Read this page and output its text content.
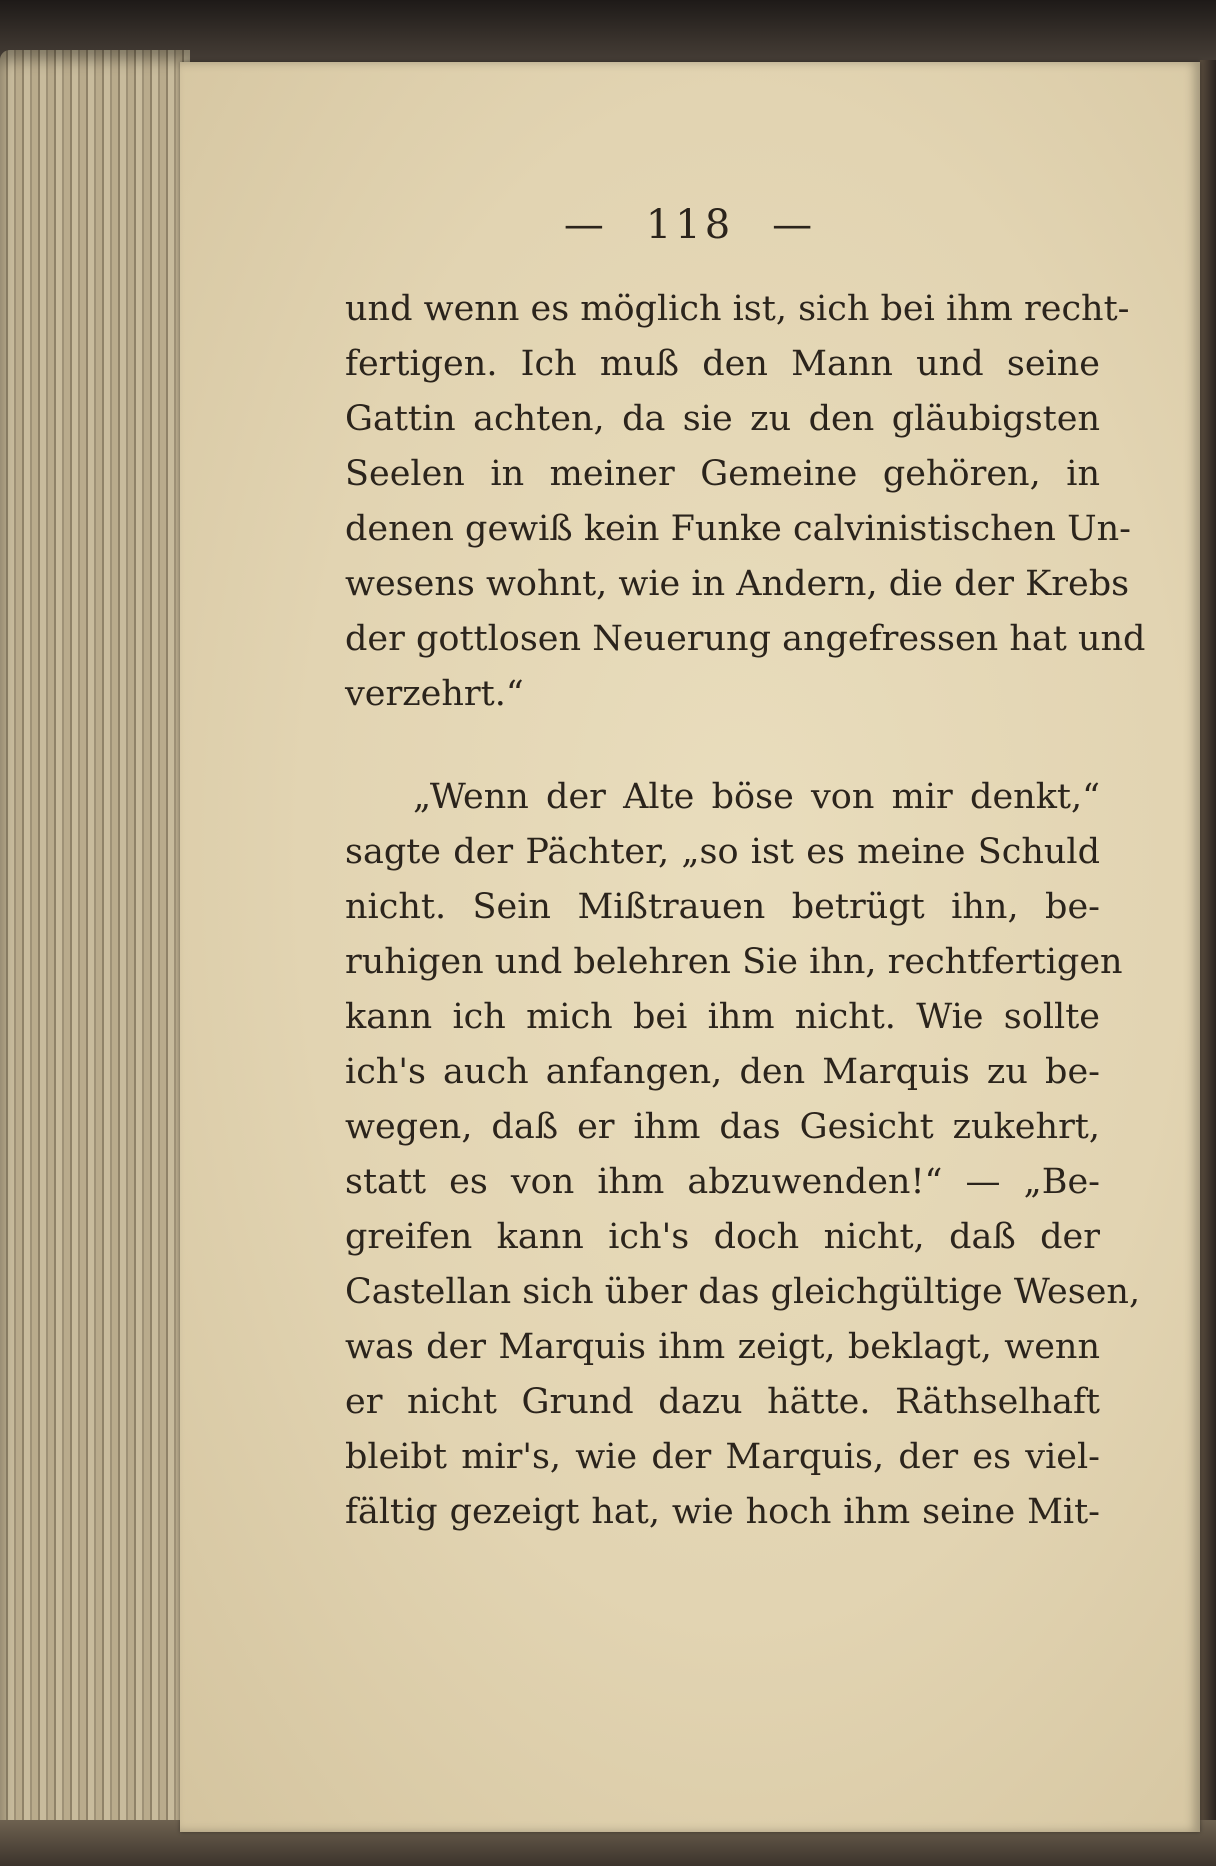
— 118 —
und wenn es möglich ist, sich bei ihm recht-
fertigen. Ich muß den Mann und seine
Gattin achten, da sie zu den gläubigsten
Seelen in meiner Gemeine gehören, in
denen gewiß kein Funke calvinistischen Un-
wesens wohnt, wie in Andern, die der Krebs
der gottlosen Neuerung angefressen hat und
verzehrt.“
„Wenn der Alte böse von mir denkt,“
sagte der Pächter, „so ist es meine Schuld
nicht. Sein Mißtrauen betrügt ihn, be-
ruhigen und belehren Sie ihn, rechtfertigen
kann ich mich bei ihm nicht. Wie sollte
ich's auch anfangen, den Marquis zu be-
wegen, daß er ihm das Gesicht zukehrt,
statt es von ihm abzuwenden!“ — „Be-
greifen kann ich's doch nicht, daß der
Castellan sich über das gleichgültige Wesen,
was der Marquis ihm zeigt, beklagt, wenn
er nicht Grund dazu hätte. Räthselhaft
bleibt mir's, wie der Marquis, der es viel-
fältig gezeigt hat, wie hoch ihm seine Mit-
